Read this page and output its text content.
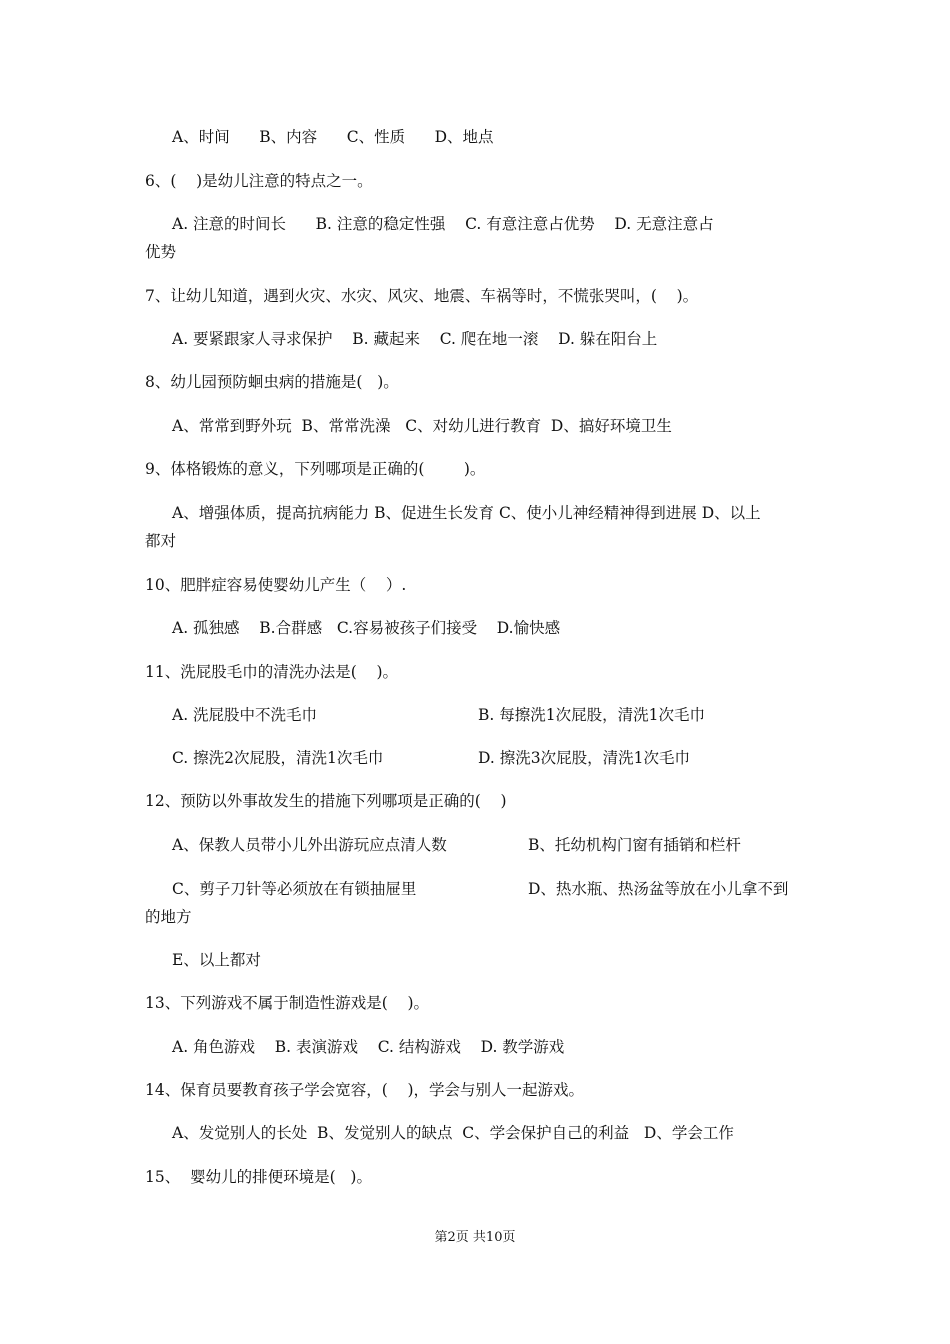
A、时间      B、内容      C、性质      D、地点
6、(    )是幼儿注意的特点之一。
A. 注意的时间长      B. 注意的稳定性强    C. 有意注意占优势    D. 无意注意占
优势
7、让幼儿知道，遇到火灾、水灾、风灾、地震、车祸等时，不慌张哭叫，(    )。
A. 要紧跟家人寻求保护    B. 藏起来    C. 爬在地一滚    D. 躲在阳台上
8、幼儿园预防蛔虫病的措施是(   )。
A、常常到野外玩  B、常常洗澡   C、对幼儿进行教育  D、搞好环境卫生
9、体格锻炼的意义，下列哪项是正确的(        )。
A、增强体质，提高抗病能力 B、促进生长发育 C、使小儿神经精神得到进展 D、以上
都对
10、肥胖症容易使婴幼儿产生（    ）.
A. 孤独感    B.合群感   C.容易被孩子们接受    D.愉快感
11、洗屁股毛巾的清洗办法是(    )。
A. 洗屁股中不洗毛巾	B. 每擦洗1次屁股，清洗1次毛巾
C. 擦洗2次屁股，清洗1次毛巾	D. 擦洗3次屁股，清洗1次毛巾
12、预防以外事故发生的措施下列哪项是正确的(    )
A、保教人员带小儿外出游玩应点清人数	B、托幼机构门窗有插销和栏杆
C、剪子刀针等必须放在有锁抽屉里	D、热水瓶、热汤盆等放在小儿拿不到
的地方
E、以上都对
13、下列游戏不属于制造性游戏是(    )。
A. 角色游戏    B. 表演游戏    C. 结构游戏    D. 教学游戏
14、保育员要教育孩子学会宽容，(    )，学会与别人一起游戏。
A、发觉别人的长处  B、发觉别人的缺点  C、学会保护自己的利益   D、学会工作
15、  婴幼儿的排便环境是(   )。
第2页 共10页
